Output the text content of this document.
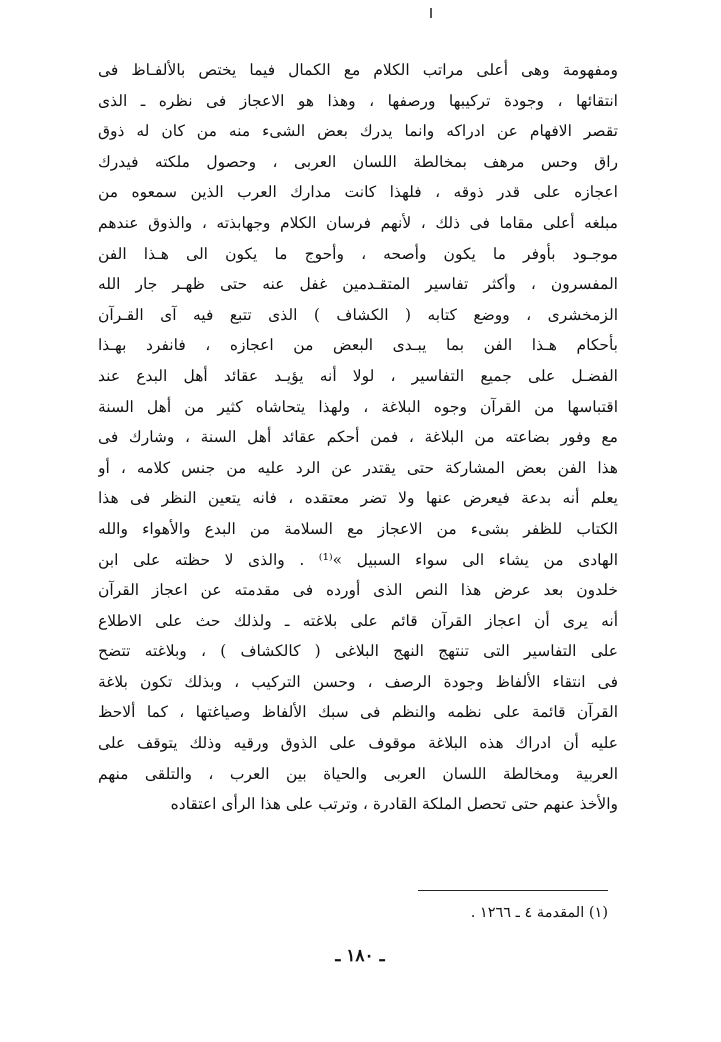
ومفهومة وهى أعلى مراتب الكلام مع الكمال فيما يختص بالألفـاظ فى
انتقائها ، وجودة تركيبها ورصفها ، وهذا هو الاعجاز فى نظره ـ الذى
تقصر الافهام عن ادراكه وانما يدرك بعض الشىء منه من كان له ذوق
راق وحس مرهف بمخالطة اللسان العربى ، وحصول ملكته فيدرك
اعجازه على قدر ذوقه ، فلهذا كانت مدارك العرب الذين سمعوه من
مبلغه أعلى مقاما فى ذلك ، لأنهم فرسان الكلام وجهابذته ، والذوق عندهم
موجـود بأوفر ما يكون وأصحه ، وأحوج ما يكون الى هـذا الفن
المفسرون ، وأكثر تفاسير المتقـدمين غفل عنه حتى ظهـر جار الله
الزمخشرى ، ووضع كتابه ( الكشاف ) الذى تتبع فيه آى القـرآن
بأحكام هـذا الفن بما يبـدى البعض من اعجازه ، فانفرد بهـذا
الفضـل على جميع التفاسير ، لولا أنه يؤيـد عقائد أهل البدع عند
اقتباسها من القرآن وجوه البلاغة ، ولهذا يتحاشاه كثير من أهل السنة
مع وفور بضاعته من البلاغة ، فمن أحكم عقائد أهل السنة ، وشارك فى
هذا الفن بعض المشاركة حتى يقتدر عن الرد عليه من جنس كلامه ، أو
يعلم أنه بدعة فيعرض عنها ولا تضر معتقده ، فانه يتعين النظر فى هذا
الكتاب للظفر بشىء من الاعجاز مع السلامة من البدع والأهواء والله
الهادى من يشاء الى سواء السبيل »⁽¹⁾ . والذى لا حظته على ابن
خلدون بعد عرض هذا النص الذى أورده فى مقدمته عن اعجاز القرآن
أنه يرى أن اعجاز القرآن قائم على بلاغته ـ ولذلك حث على الاطلاع
على التفاسير التى تنتهج النهج البلاغى ( كالكشاف ) ، وبلاغته تتضح
فى انتقاء الألفاظ وجودة الرصف ، وحسن التركيب ، وبذلك تكون بلاغة
القرآن قائمة على نظمه والنظم فى سبك الألفاظ وصياغتها ، كما ألاحظ
عليه أن ادراك هذه البلاغة موقوف على الذوق ورقيه وذلك يتوقف على
العربية ومخالطة اللسان العربى والحياة بين العرب ، والتلقى منهم
والأخذ عنهم حتى تحصل الملكة القادرة ، وترتب على هذا الرأى اعتقاده
(١) المقدمة ٤ ـ ١٢٦٦ .
ـ ١٨٠ ـ
